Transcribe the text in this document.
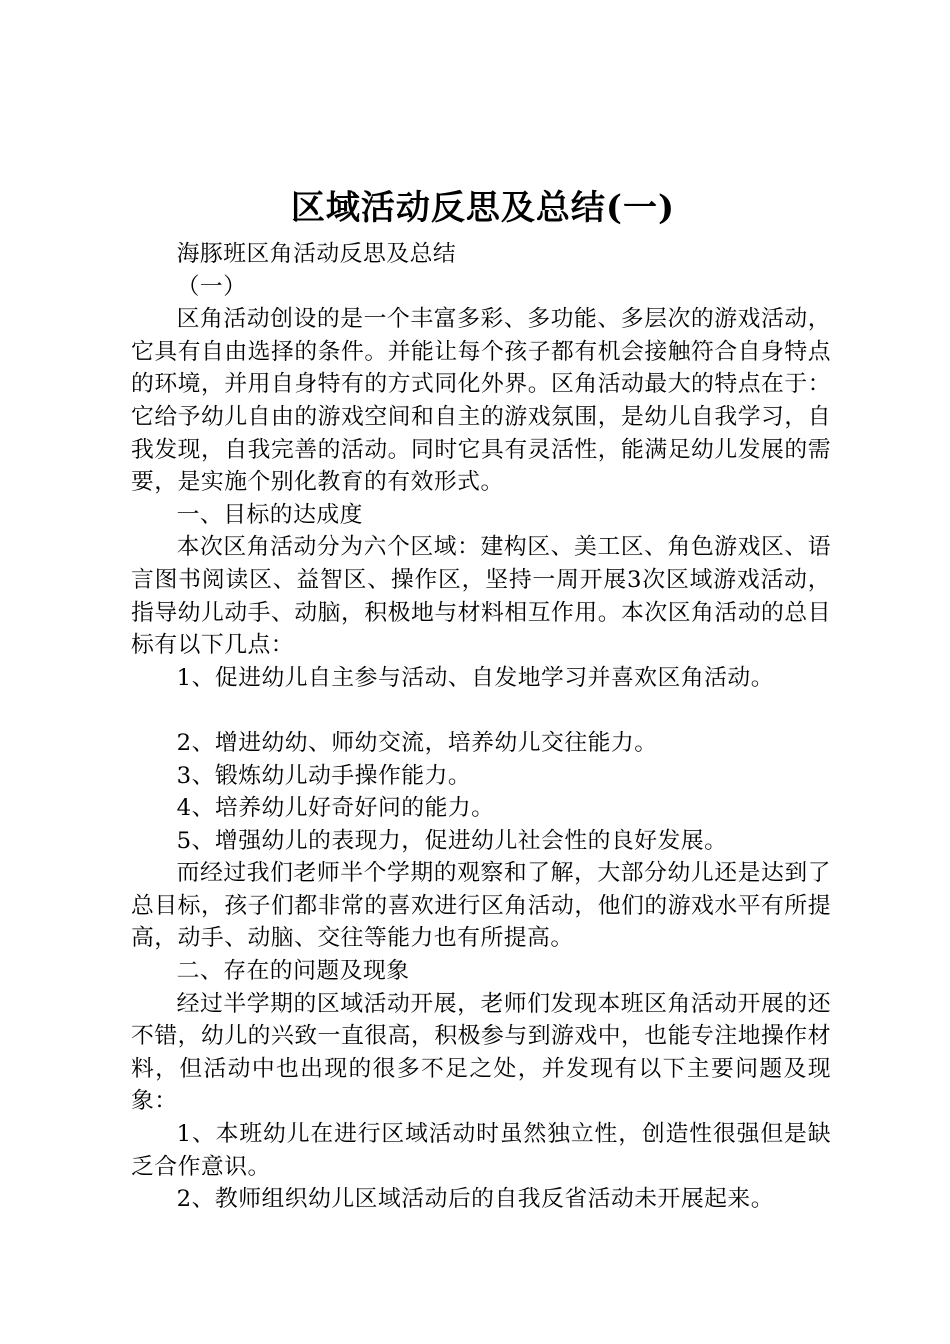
区域活动反思及总结(一)

海豚班区角活动反思及总结

（一）

区角活动创设的是一个丰富多彩、多功能、多层次的游戏活动，它具有自由选择的条件。并能让每个孩子都有机会接触符合自身特点的环境，并用自身特有的方式同化外界。区角活动最大的特点在于：它给予幼儿自由的游戏空间和自主的游戏氛围，是幼儿自我学习，自我发现，自我完善的活动。同时它具有灵活性，能满足幼儿发展的需要，是实施个别化教育的有效形式。

一、目标的达成度

本次区角活动分为六个区域：建构区、美工区、角色游戏区、语言图书阅读区、益智区、操作区，坚持一周开展3次区域游戏活动，指导幼儿动手、动脑，积极地与材料相互作用。本次区角活动的总目标有以下几点：

1、促进幼儿自主参与活动、自发地学习并喜欢区角活动。

2、增进幼幼、师幼交流，培养幼儿交往能力。

3、锻炼幼儿动手操作能力。

4、培养幼儿好奇好问的能力。

5、增强幼儿的表现力，促进幼儿社会性的良好发展。

而经过我们老师半个学期的观察和了解，大部分幼儿还是达到了总目标，孩子们都非常的喜欢进行区角活动，他们的游戏水平有所提高，动手、动脑、交往等能力也有所提高。

二、存在的问题及现象

经过半学期的区域活动开展，老师们发现本班区角活动开展的还不错，幼儿的兴致一直很高，积极参与到游戏中，也能专注地操作材料，但活动中也出现的很多不足之处，并发现有以下主要问题及现象：

1、本班幼儿在进行区域活动时虽然独立性，创造性很强但是缺乏合作意识。

2、教师组织幼儿区域活动后的自我反省活动未开展起来。
